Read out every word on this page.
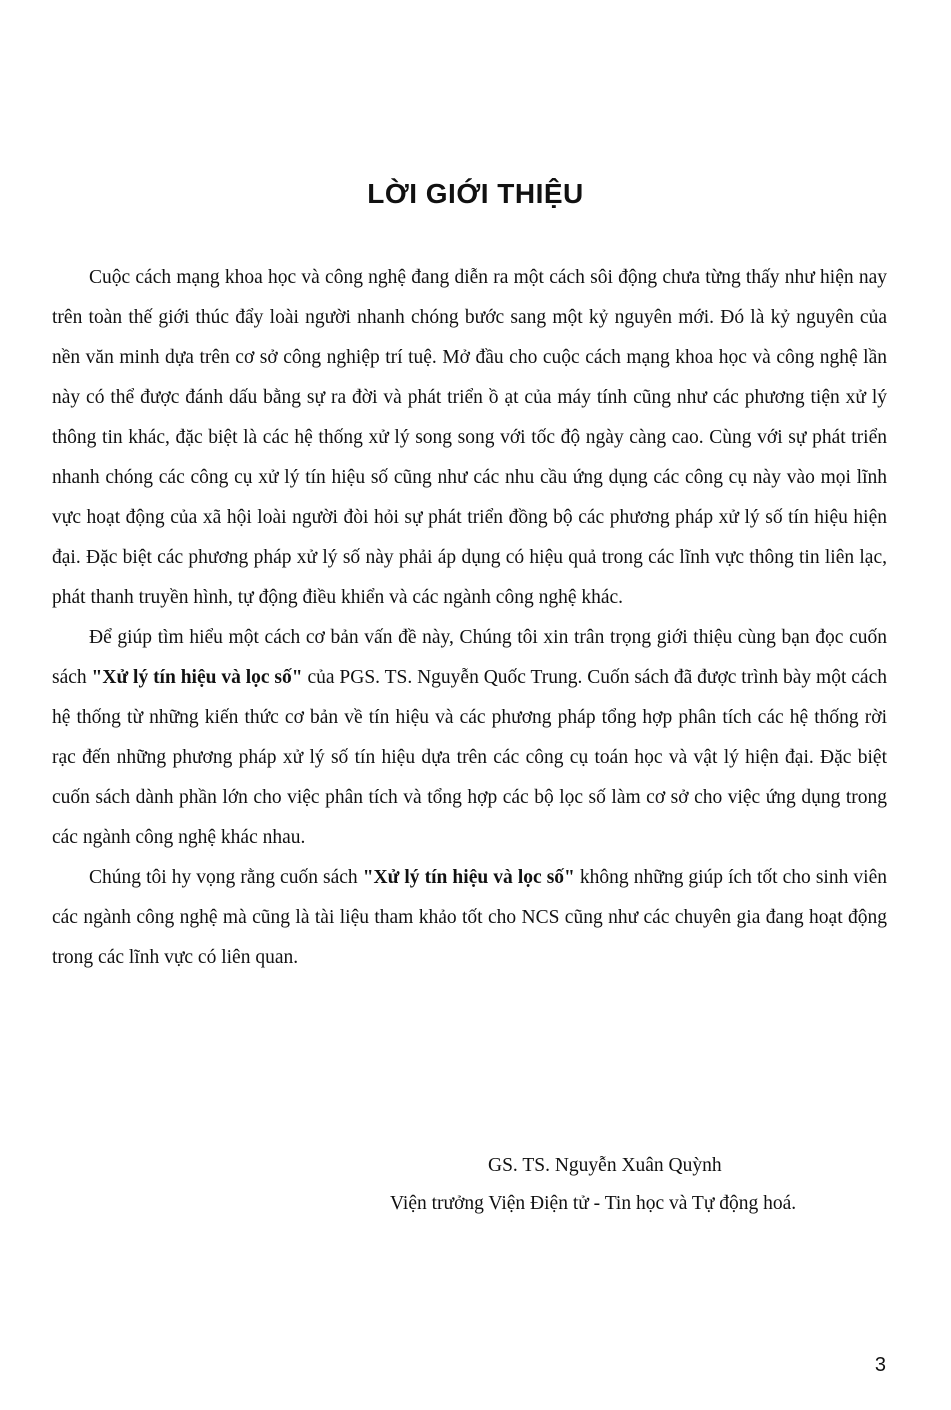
LỜI GIỚI THIỆU

Cuộc cách mạng khoa học và công nghệ đang diễn ra một cách sôi động chưa từng thấy như hiện nay trên toàn thế giới thúc đẩy loài người nhanh chóng bước sang một kỷ nguyên mới. Đó là kỷ nguyên của nền văn minh dựa trên cơ sở công nghiệp trí tuệ. Mở đầu cho cuộc cách mạng khoa học và công nghệ lần này có thể được đánh dấu bằng sự ra đời và phát triển ồ ạt của máy tính cũng như các phương tiện xử lý thông tin khác, đặc biệt là các hệ thống xử lý song song với tốc độ ngày càng cao. Cùng với sự phát triển nhanh chóng các công cụ xử lý tín hiệu số cũng như các nhu cầu ứng dụng các công cụ này vào mọi lĩnh vực hoạt động của xã hội loài người đòi hỏi sự phát triển đồng bộ các phương pháp xử lý số tín hiệu hiện đại. Đặc biệt các phương pháp xử lý số này phải áp dụng có hiệu quả trong các lĩnh vực thông tin liên lạc, phát thanh truyền hình, tự động điều khiển và các ngành công nghệ khác.

Để giúp tìm hiểu một cách cơ bản vấn đề này, Chúng tôi xin trân trọng giới thiệu cùng bạn đọc cuốn sách "Xử lý tín hiệu và lọc số" của PGS. TS. Nguyễn Quốc Trung. Cuốn sách đã được trình bày một cách hệ thống từ những kiến thức cơ bản về tín hiệu và các phương pháp tổng hợp phân tích các hệ thống rời rạc đến những phương pháp xử lý số tín hiệu dựa trên các công cụ toán học và vật lý hiện đại. Đặc biệt cuốn sách dành phần lớn cho việc phân tích và tổng hợp các bộ lọc số làm cơ sở cho việc ứng dụng trong các ngành công nghệ khác nhau.

Chúng tôi hy vọng rằng cuốn sách "Xử lý tín hiệu và lọc số" không những giúp ích tốt cho sinh viên các ngành công nghệ mà cũng là tài liệu tham khảo tốt cho NCS cũng như các chuyên gia đang hoạt động trong các lĩnh vực có liên quan.

GS. TS. Nguyễn Xuân Quỳnh
Viện trưởng Viện Điện tử - Tin học và Tự động hoá.
3
